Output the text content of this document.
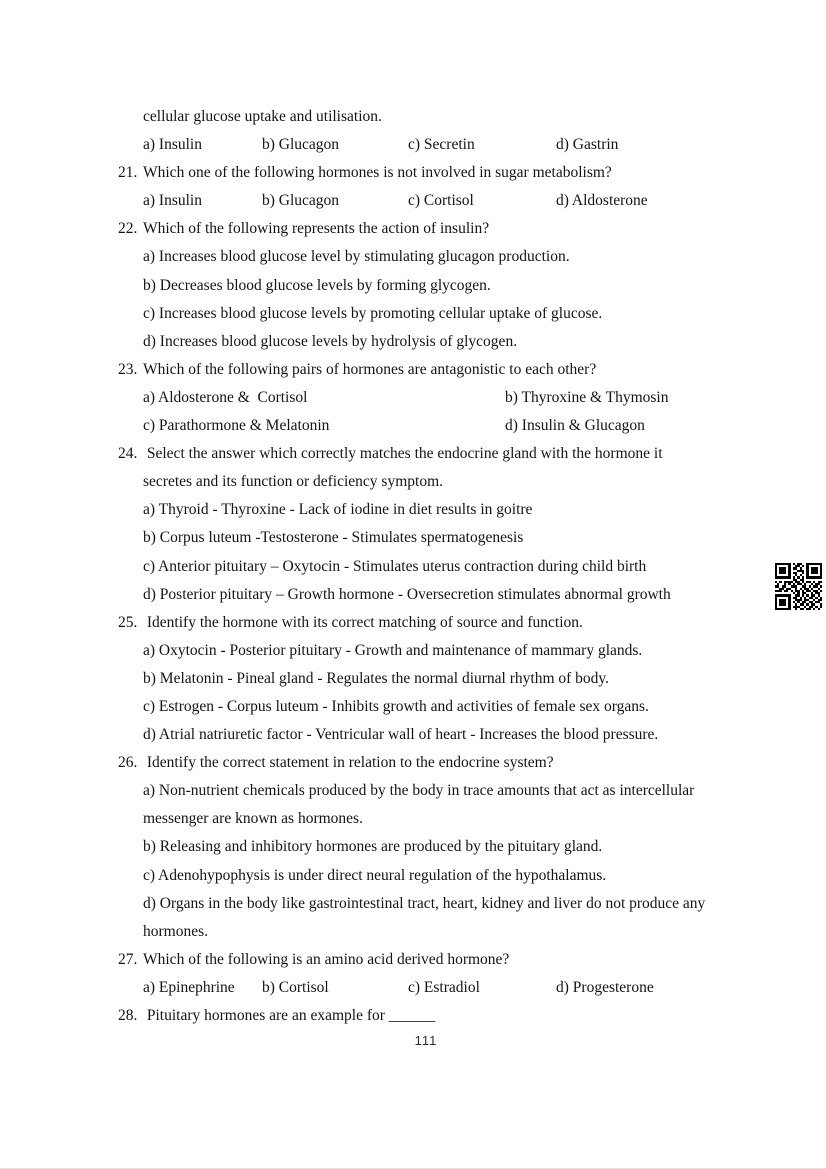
cellular glucose uptake and utilisation.
a) Insulin	b) Glucagon	c) Secretin	d) Gastrin
21. Which one of the following hormones is not involved in sugar metabolism?
a) Insulin	b) Glucagon	c) Cortisol	d) Aldosterone
22. Which of the following represents the action of insulin?
a) Increases blood glucose level by stimulating glucagon production.
b) Decreases blood glucose levels by forming glycogen.
c) Increases blood glucose levels by promoting cellular uptake of glucose.
d) Increases blood glucose levels by hydrolysis of glycogen.
23. Which of the following pairs of hormones are antagonistic to each other?
a) Aldosterone &  Cortisol	b) Thyroxine & Thymosin
c) Parathormone & Melatonin	d) Insulin & Glucagon
24. Select the answer which correctly matches the endocrine gland with the hormone it
secretes and its function or deficiency symptom.
a) Thyroid - Thyroxine - Lack of iodine in diet results in goitre
b) Corpus luteum -Testosterone - Stimulates spermatogenesis
c) Anterior pituitary – Oxytocin - Stimulates uterus contraction during child birth
d) Posterior pituitary – Growth hormone - Oversecretion stimulates abnormal growth
25. Identify the hormone with its correct matching of source and function.
a) Oxytocin - Posterior pituitary - Growth and maintenance of mammary glands.
b) Melatonin - Pineal gland - Regulates the normal diurnal rhythm of body.
c) Estrogen - Corpus luteum - Inhibits growth and activities of female sex organs.
d) Atrial natriuretic factor - Ventricular wall of heart - Increases the blood pressure.
26. Identify the correct statement in relation to the endocrine system?
a) Non-nutrient chemicals produced by the body in trace amounts that act as intercellular
messenger are known as hormones.
b) Releasing and inhibitory hormones are produced by the pituitary gland.
c) Adenohypophysis is under direct neural regulation of the hypothalamus.
d) Organs in the body like gastrointestinal tract, heart, kidney and liver do not produce any
hormones.
27. Which of the following is an amino acid derived hormone?
a) Epinephrine b) Cortisol	c) Estradiol	d) Progesterone
28. Pituitary hormones are an example for ______
111
